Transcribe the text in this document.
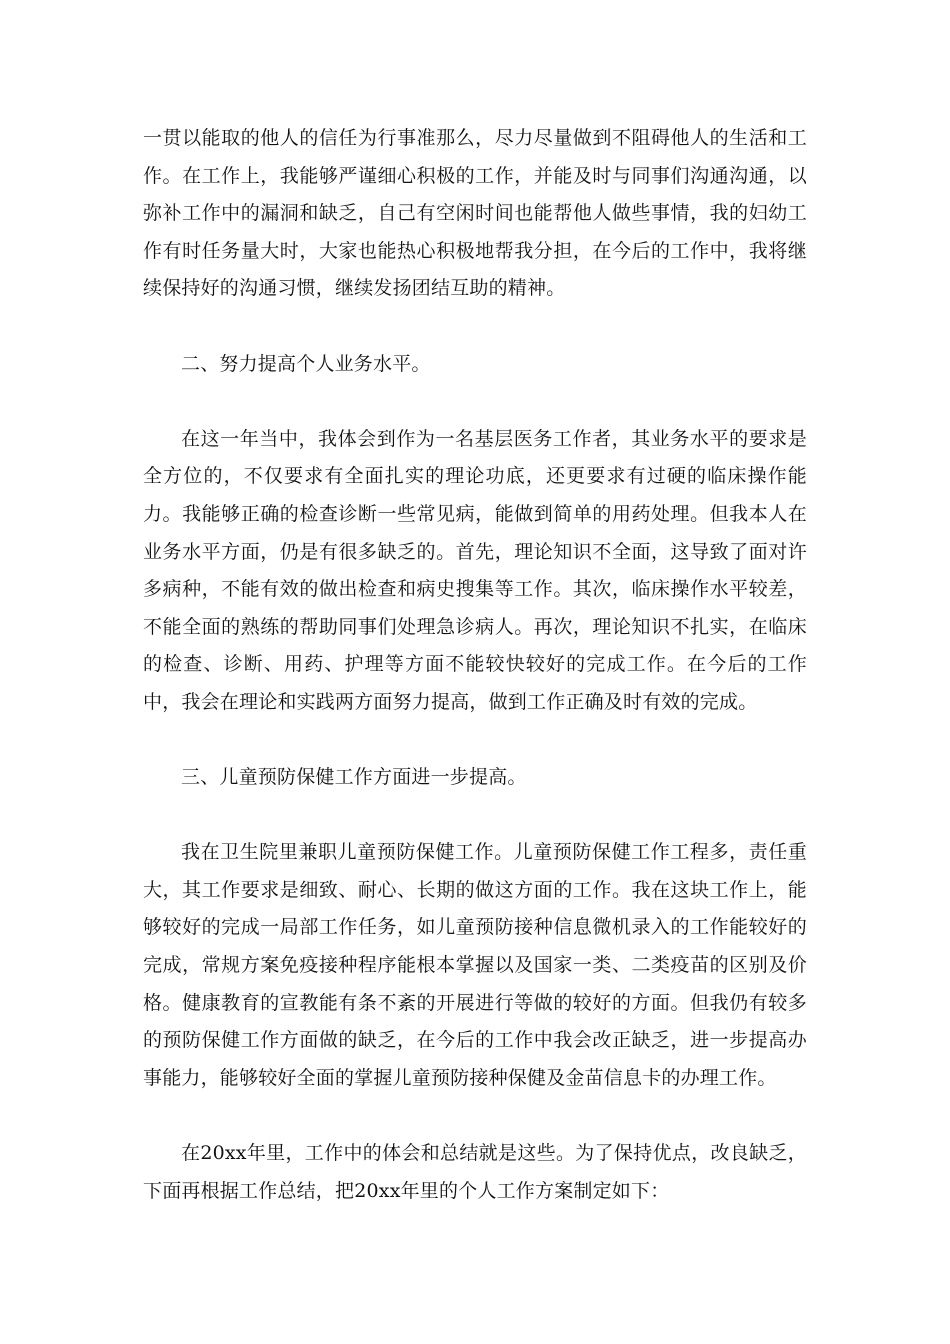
一贯以能取的他人的信任为行事准那么，尽力尽量做到不阻碍他人的生活和工作。在工作上，我能够严谨细心积极的工作，并能及时与同事们沟通沟通，以弥补工作中的漏洞和缺乏，自己有空闲时间也能帮他人做些事情，我的妇幼工作有时任务量大时，大家也能热心积极地帮我分担，在今后的工作中，我将继续保持好的沟通习惯，继续发扬团结互助的精神。

二、努力提高个人业务水平。

在这一年当中，我体会到作为一名基层医务工作者，其业务水平的要求是全方位的，不仅要求有全面扎实的理论功底，还更要求有过硬的临床操作能力。我能够正确的检查诊断一些常见病，能做到简单的用药处理。但我本人在业务水平方面，仍是有很多缺乏的。首先，理论知识不全面，这导致了面对许多病种，不能有效的做出检查和病史搜集等工作。其次，临床操作水平较差，不能全面的熟练的帮助同事们处理急诊病人。再次，理论知识不扎实，在临床的检查、诊断、用药、护理等方面不能较快较好的完成工作。在今后的工作中，我会在理论和实践两方面努力提高，做到工作正确及时有效的完成。

三、儿童预防保健工作方面进一步提高。

我在卫生院里兼职儿童预防保健工作。儿童预防保健工作工程多，责任重大，其工作要求是细致、耐心、长期的做这方面的工作。我在这块工作上，能够较好的完成一局部工作任务，如儿童预防接种信息微机录入的工作能较好的完成，常规方案免疫接种程序能根本掌握以及国家一类、二类疫苗的区别及价格。健康教育的宣教能有条不紊的开展进行等做的较好的方面。但我仍有较多的预防保健工作方面做的缺乏，在今后的工作中我会改正缺乏，进一步提高办事能力，能够较好全面的掌握儿童预防接种保健及金苗信息卡的办理工作。

在20xx年里，工作中的体会和总结就是这些。为了保持优点，改良缺乏，下面再根据工作总结，把20xx年里的个人工作方案制定如下：
